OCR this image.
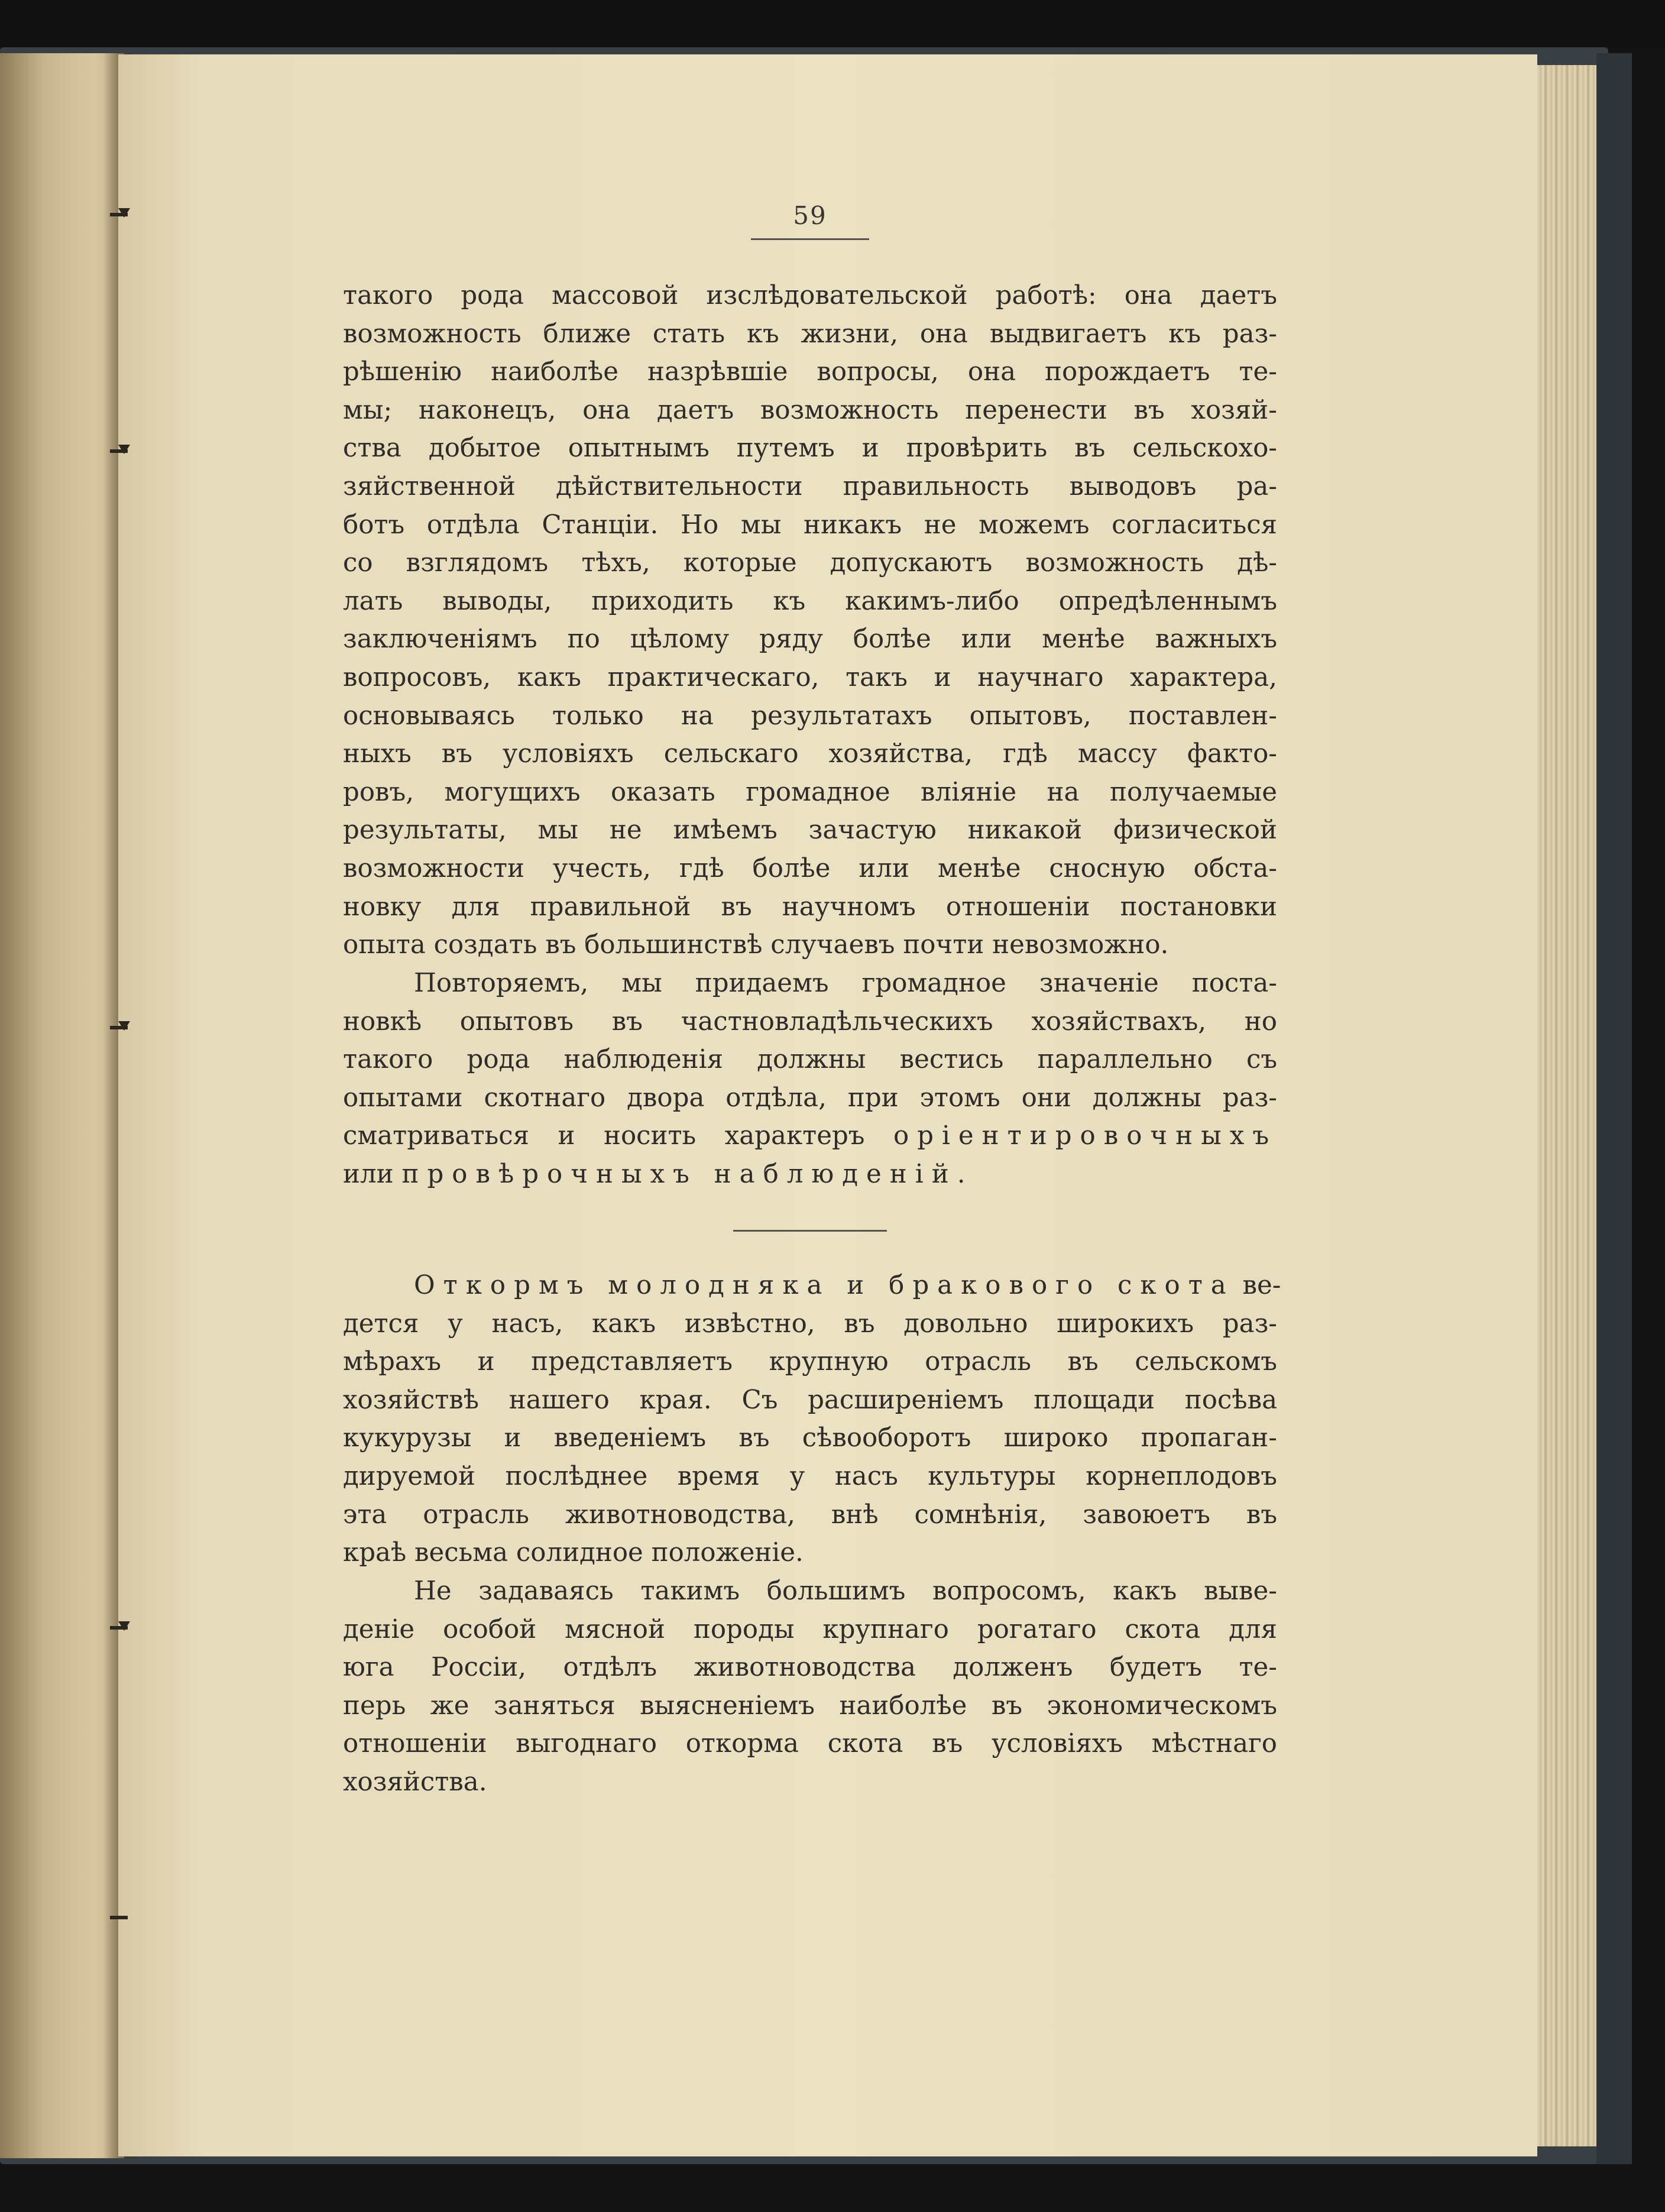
59

такого рода массовой изслѣдовательской работѣ: она даетъ
возможность ближе стать къ жизни, она выдвигаетъ къ раз-
рѣшенію наиболѣе назрѣвшіе вопросы, она порождаетъ те-
мы; наконецъ, она даетъ возможность перенести въ хозяй-
ства добытое опытнымъ путемъ и провѣрить въ сельскохо-
зяйственной дѣйствительности правильность выводовъ ра-
ботъ отдѣла Станціи. Но мы никакъ не можемъ согласиться
со взглядомъ тѣхъ, которые допускаютъ возможность дѣ-
лать выводы, приходить къ какимъ-либо опредѣленнымъ
заключеніямъ по цѣлому ряду болѣе или менѣе важныхъ
вопросовъ, какъ практическаго, такъ и научнаго характера,
основываясь только на результатахъ опытовъ, поставлен-
ныхъ въ условіяхъ сельскаго хозяйства, гдѣ массу факто-
ровъ, могущихъ оказать громадное вліяніе на получаемые
результаты, мы не имѣемъ зачастую никакой физической
возможности учесть, гдѣ болѣе или менѣе сносную обста-
новку для правильной въ научномъ отношеніи постановки
опыта создать въ большинствѣ случаевъ почти невозможно.

Повторяемъ, мы придаемъ громадное значеніе поста-
новкѣ опытовъ въ частновладѣльческихъ хозяйствахъ, но
такого рода наблюденія должны вестись параллельно съ
опытами скотнаго двора отдѣла, при этомъ они должны раз-
сматриваться и носить характеръ оріентировочныхъ
или провѣрочныхъ наблюденій.

Откормъ молодняка и бракового скота ве-
дется у насъ, какъ извѣстно, въ довольно широкихъ раз-
мѣрахъ и представляетъ крупную отрасль въ сельскомъ
хозяйствѣ нашего края. Съ расширеніемъ площади посѣва
кукурузы и введеніемъ въ сѣвооборотъ широко пропаган-
дируемой послѣднее время у насъ культуры корнеплодовъ
эта отрасль животноводства, внѣ сомнѣнія, завоюетъ въ
краѣ весьма солидное положеніе.

Не задаваясь такимъ большимъ вопросомъ, какъ выве-
деніе особой мясной породы крупнаго рогатаго скота для
юга Россіи, отдѣлъ животноводства долженъ будетъ те-
перь же заняться выясненіемъ наиболѣе въ экономическомъ
отношеніи выгоднаго откорма скота въ условіяхъ мѣстнаго
хозяйства.
